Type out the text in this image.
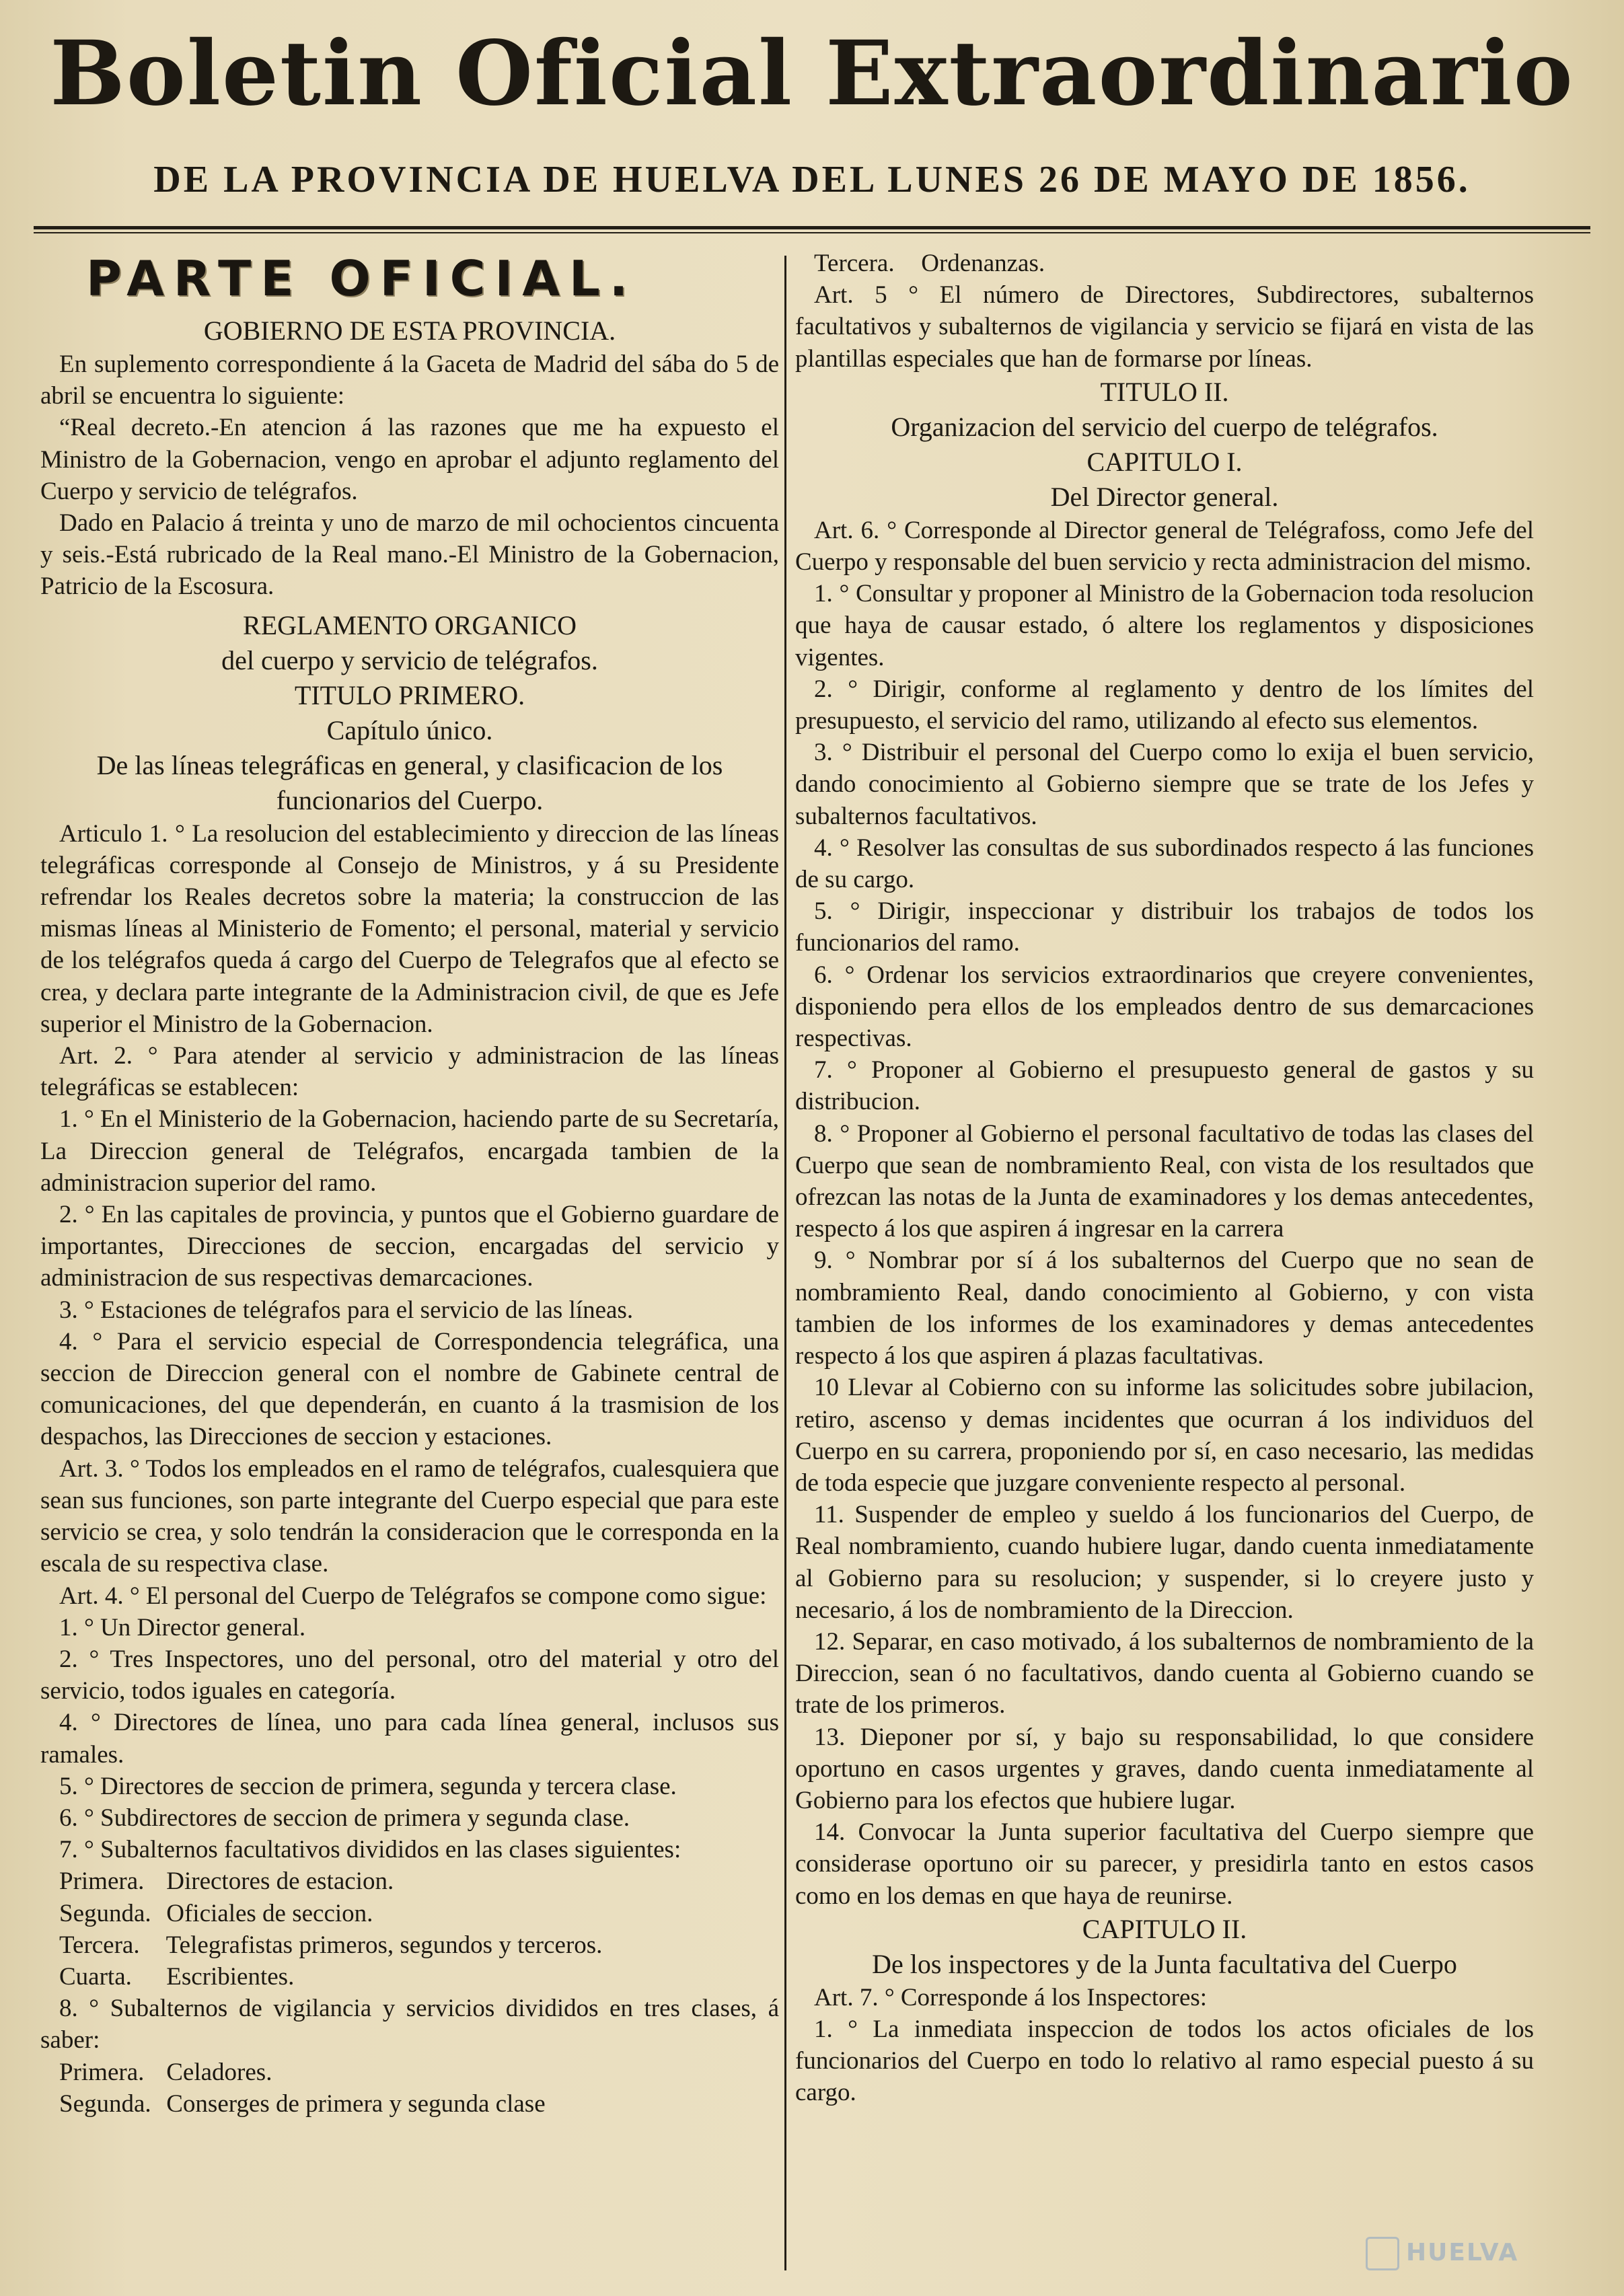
Boletin Oficial Extraordinario
DE LA PROVINCIA DE HUELVA DEL LUNES 26 DE MAYO DE 1856.

PARTE OFICIAL.

GOBIERNO DE ESTA PROVINCIA.

En suplemento correspondiente á la Gaceta de Madrid del sába do 5 de abril se encuentra lo siguiente:

“Real decreto.-En atencion á las razones que me ha expuesto el Ministro de la Gobernacion, vengo en aprobar el adjunto reglamento del Cuerpo y servicio de telégrafos.

Dado en Palacio á treinta y uno de marzo de mil ochocientos cincuenta y seis.-Está rubricado de la Real mano.-El Ministro de la Gobernacion, Patricio de la Escosura.

REGLAMENTO ORGANICO

del cuerpo y servicio de telégrafos.

TITULO PRIMERO.

Capítulo único.

De las líneas telegráficas en general, y clasificacion de los funcionarios del Cuerpo.

Articulo 1. ° La resolucion del establecimiento y direccion de las líneas telegráficas corresponde al Consejo de Ministros, y á su Presidente refrendar los Reales decretos sobre la materia; la construccion de las mismas líneas al Ministerio de Fomento; el personal, material y servicio de los telégrafos queda á cargo del Cuerpo de Telegrafos que al efecto se crea, y declara parte integrante de la Administracion civil, de que es Jefe superior el Ministro de la Gobernacion.

Art. 2. ° Para atender al servicio y administracion de las líneas telegráficas se establecen:

1. ° En el Ministerio de la Gobernacion, haciendo parte de su Secretaría, La Direccion general de Telégrafos, encargada tambien de la administracion superior del ramo.

2. ° En las capitales de provincia, y puntos que el Gobierno guardare de importantes, Direcciones de seccion, encargadas del servicio y administracion de sus respectivas demarcaciones.

3. ° Estaciones de telégrafos para el servicio de las líneas.

4. ° Para el servicio especial de Correspondencia telegráfica, una seccion de Direccion general con el nombre de Gabinete central de comunicaciones, del que dependerán, en cuanto á la trasmision de los despachos, las Direcciones de seccion y estaciones.

Art. 3. ° Todos los empleados en el ramo de telégrafos, cualesquiera que sean sus funciones, son parte integrante del Cuerpo especial que para este servicio se crea, y solo tendrán la consideracion que le corresponda en la escala de su respectiva clase.

Art. 4. ° El personal del Cuerpo de Telégrafos se compone como sigue:

1. ° Un Director general.

2. ° Tres Inspectores, uno del personal, otro del material y otro del servicio, todos iguales en categoría.

4. ° Directores de línea, uno para cada línea general, inclusos sus ramales.

5. ° Directores de seccion de primera, segunda y tercera clase.

6. ° Subdirectores de seccion de primera y segunda clase.

7. ° Subalternos facultativos divididos en las clases siguientes:

Primera. Directores de estacion.
Segunda. Oficiales de seccion.
Tercera. Telegrafistas primeros, segundos y terceros.
Cuarta. Escribientes.

8. ° Subalternos de vigilancia y servicios divididos en tres clases, á saber:

Primera. Celadores.
Segunda. Conserges de primera y segunda clase
Tercera. Ordenanzas.

Art. 5 ° El número de Directores, Subdirectores, subalternos facultativos y subalternos de vigilancia y servicio se fijará en vista de las plantillas especiales que han de formarse por líneas.

TITULO II.

Organizacion del servicio del cuerpo de telégrafos.

CAPITULO I.

Del Director general.

Art. 6. ° Corresponde al Director general de Telégrafoss, como Jefe del Cuerpo y responsable del buen servicio y recta administracion del mismo.

1. ° Consultar y proponer al Ministro de la Gobernacion toda resolucion que haya de causar estado, ó altere los reglamentos y disposiciones vigentes.

2. ° Dirigir, conforme al reglamento y dentro de los límites del presupuesto, el servicio del ramo, utilizando al efecto sus elementos.

3. ° Distribuir el personal del Cuerpo como lo exija el buen servicio, dando conocimiento al Gobierno siempre que se trate de los Jefes y subalternos facultativos.

4. ° Resolver las consultas de sus subordinados respecto á las funciones de su cargo.

5. ° Dirigir, inspeccionar y distribuir los trabajos de todos los funcionarios del ramo.

6. ° Ordenar los servicios extraordinarios que creyere convenientes, disponiendo pera ellos de los empleados dentro de sus demarcaciones respectivas.

7. ° Proponer al Gobierno el presupuesto general de gastos y su distribucion.

8. ° Proponer al Gobierno el personal facultativo de todas las clases del Cuerpo que sean de nombramiento Real, con vista de los resultados que ofrezcan las notas de la Junta de examinadores y los demas antecedentes, respecto á los que aspiren á ingresar en la carrera

9. ° Nombrar por sí á los subalternos del Cuerpo que no sean de nombramiento Real, dando conocimiento al Gobierno, y con vista tambien de los informes de los examinadores y demas antecedentes respecto á los que aspiren á plazas facultativas.

10 Llevar al Cobierno con su informe las solicitudes sobre jubilacion, retiro, ascenso y demas incidentes que ocurran á los individuos del Cuerpo en su carrera, proponiendo por sí, en caso necesario, las medidas de toda especie que juzgare conveniente respecto al personal.

11. Suspender de empleo y sueldo á los funcionarios del Cuerpo, de Real nombramiento, cuando hubiere lugar, dando cuenta inmediatamente al Gobierno para su resolucion; y suspender, si lo creyere justo y necesario, á los de nombramiento de la Direccion.

12. Separar, en caso motivado, á los subalternos de nombramiento de la Direccion, sean ó no facultativos, dando cuenta al Gobierno cuando se trate de los primeros.

13. Dieponer por sí, y bajo su responsabilidad, lo que considere oportuno en casos urgentes y graves, dando cuenta inmediatamente al Gobierno para los efectos que hubiere lugar.

14. Convocar la Junta superior facultativa del Cuerpo siempre que considerase oportuno oir su parecer, y presidirla tanto en estos casos como en los demas en que haya de reunirse.

CAPITULO II.

De los inspectores y de la Junta facultativa del Cuerpo

Art. 7. ° Corresponde á los Inspectores:

1. ° La inmediata inspeccion de todos los actos oficiales de los funcionarios del Cuerpo en todo lo relativo al ramo especial puesto á su cargo.

HUELVA
